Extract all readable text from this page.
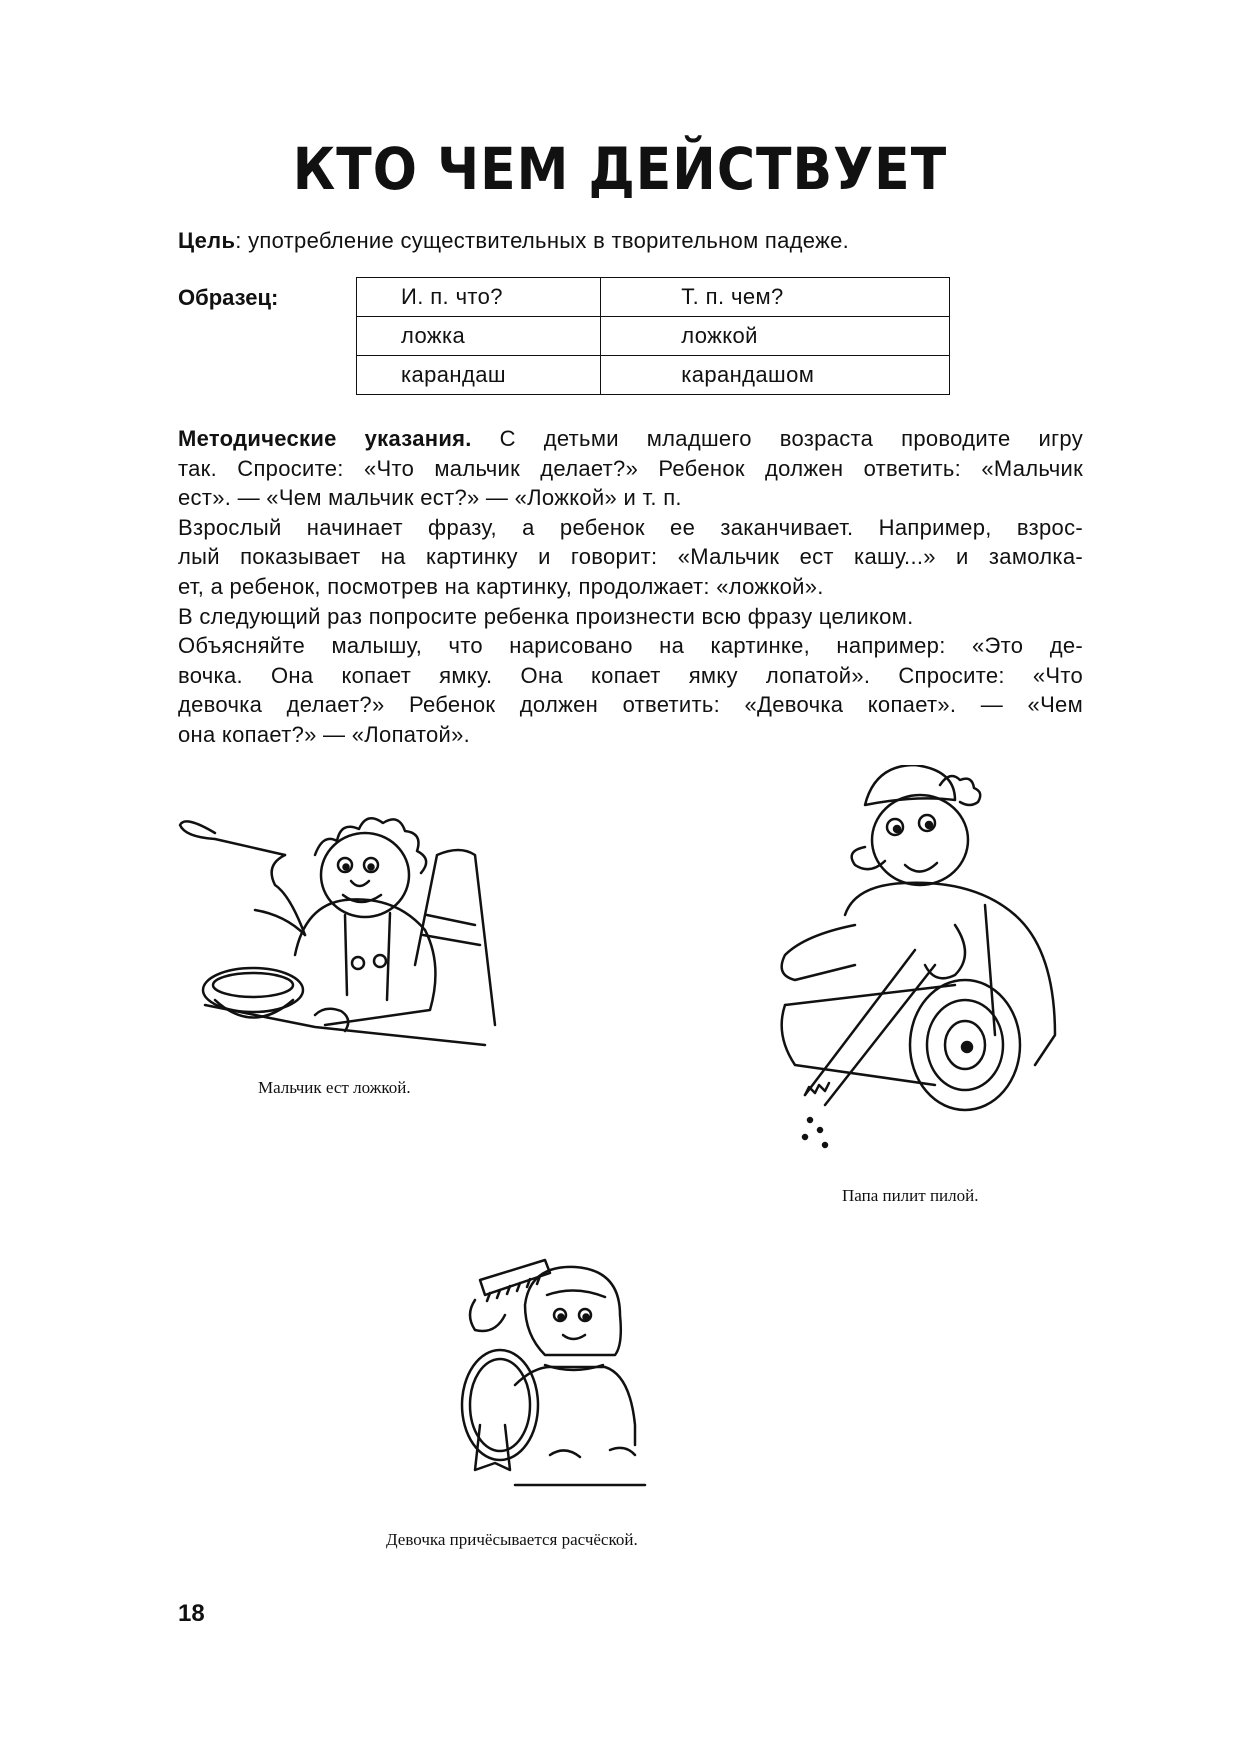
КТО ЧЕМ ДЕЙСТВУЕТ
Цель: употребление существительных в творительном падеже.
Образец:	И. п. что?	Т. п. чем?
ложка	ложкой
карандаш	карандашом

Методические указания. С детьми младшего возраста проводите игру

так. Спросите: «Что мальчик делает?» Ребенок должен ответить: «Мальчик

ест». — «Чем мальчик ест?» — «Ложкой» и т. п.

Взрослый начинает фразу, а ребенок ее заканчивает. Например, взрос-

лый показывает на картинку и говорит: «Мальчик ест кашу...» и замолка-

ет, а ребенок, посмотрев на картинку, продолжает: «ложкой».

В следующий раз попросите ребенка произнести всю фразу целиком.

Объясняйте малышу, что нарисовано на картинке, например: «Это де-

вочка. Она копает ямку. Она копает ямку лопатой». Спросите: «Что

девочка делает?» Ребенок должен ответить: «Девочка копает». — «Чем

она копает?» — «Лопатой».

Мальчик ест ложкой.
Папа пилит пилой.
Девочка причёсывается расчёской.
18
